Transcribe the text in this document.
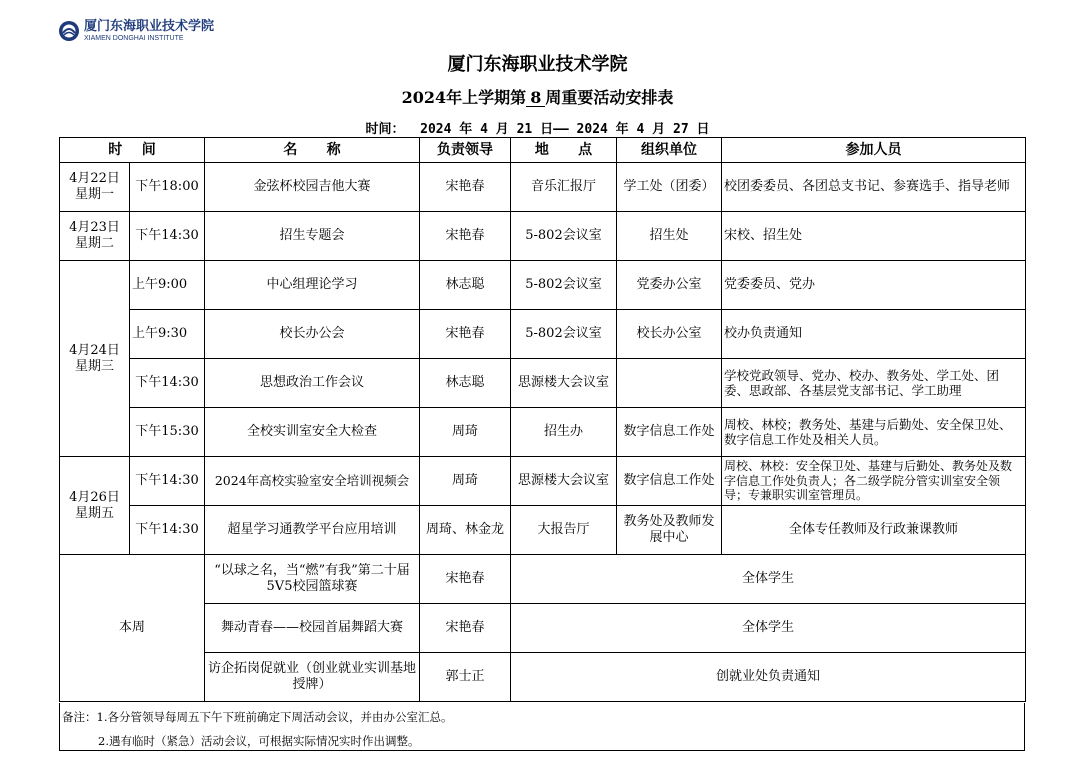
厦门东海职业技术学院
XIAMEN DONGHAI INSTITUTE
厦门东海职业技术学院
2024年上学期第 8 周重要活动安排表
时间：  2024 年 4 月 21 日—— 2024 年 4 月 27 日
时    间		名      称	负责领导	地      点	组织单位	参加人员

4月22日
星期一	下午18:00	金弦杯校园吉他大赛	宋艳春	音乐汇报厅	学工处（团委）	校团委委员、各团总支书记、参赛选手、指导老师

4月23日
星期二	下午14:30	招生专题会	宋艳春	5-802会议室	招生处	宋校、招生处

4月24日
星期三	上午9:00	中心组理论学习	林志聪	5-802会议室	党委办公室	党委委员、党办
	上午9:30	校长办公会	宋艳春	5-802会议室	校长办公室	校办负责通知
	下午14:30	思想政治工作会议	林志聪	思源楼大会议室		学校党政领导、党办、校办、教务处、学工处、团委、思政部、各基层党支部书记、学工助理
	下午15:30	全校实训室安全大检查	周琦	招生办	数字信息工作处	周校、林校；教务处、基建与后勤处、安全保卫处、数字信息工作处及相关人员。

4月26日
星期五	下午14:30	2024年高校实验室安全培训视频会	周琦	思源楼大会议室	数字信息工作处	周校、林校：安全保卫处、基建与后勤处、教务处及数字信息工作处负责人；各二级学院分管实训室安全领导；专兼职实训室管理员。
	下午14:30	超星学习通教学平台应用培训	周琦、林金龙	大报告厅	教务处及教师发展中心	全体专任教师及行政兼课教师
本周		“以球之名，当“燃”有我”第二十届5V5校园篮球赛	宋艳春	全体学生		
		舞动青春——校园首届舞蹈大赛	宋艳春	全体学生		
		访企拓岗促就业（创业就业实训基地授牌）	郭士正	创就业处负责通知		
备注：1.各分管领导每周五下午下班前确定下周活动会议，并由办公室汇总。
2.遇有临时（紧急）活动会议，可根据实际情况实时作出调整。
